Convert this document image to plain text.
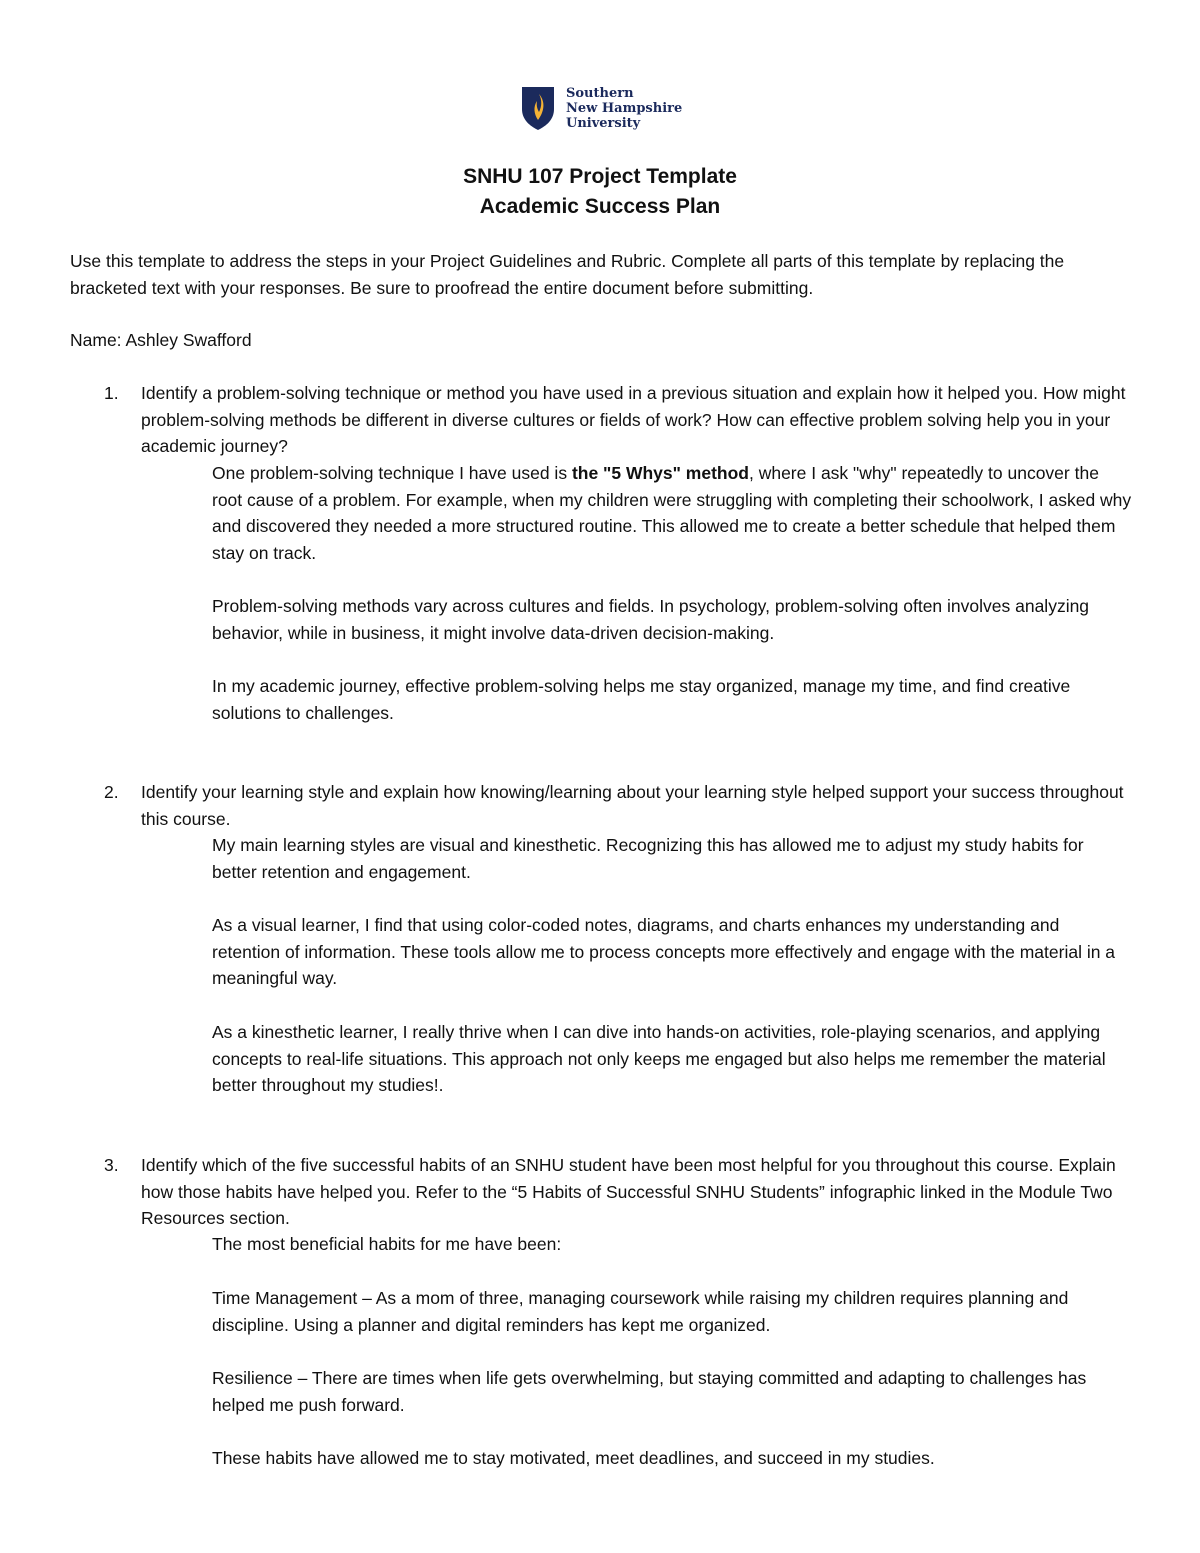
Southern
New Hampshire
University
SNHU 107 Project Template
Academic Success Plan

Use this template to address the steps in your Project Guidelines and Rubric. Complete all parts of this template by replacing the bracketed text with your responses. Be sure to proofread the entire document before submitting.

Name: Ashley Swafford

1. Identify a problem-solving technique or method you have used in a previous situation and explain how it helped you. How might problem-solving methods be different in diverse cultures or fields of work? How can effective problem solving help you in your academic journey?

One problem-solving technique I have used is the "5 Whys" method, where I ask "why" repeatedly to uncover the root cause of a problem. For example, when my children were struggling with completing their schoolwork, I asked why and discovered they needed a more structured routine. This allowed me to create a better schedule that helped them stay on track.

Problem-solving methods vary across cultures and fields. In psychology, problem-solving often involves analyzing behavior, while in business, it might involve data-driven decision-making.

In my academic journey, effective problem-solving helps me stay organized, manage my time, and find creative solutions to challenges.

2. Identify your learning style and explain how knowing/learning about your learning style helped support your success throughout this course.

My main learning styles are visual and kinesthetic. Recognizing this has allowed me to adjust my study habits for better retention and engagement.

As a visual learner, I find that using color-coded notes, diagrams, and charts enhances my understanding and retention of information. These tools allow me to process concepts more effectively and engage with the material in a meaningful way.

As a kinesthetic learner, I really thrive when I can dive into hands-on activities, role-playing scenarios, and applying concepts to real-life situations. This approach not only keeps me engaged but also helps me remember the material better throughout my studies!.

3. Identify which of the five successful habits of an SNHU student have been most helpful for you throughout this course. Explain how those habits have helped you. Refer to the “5 Habits of Successful SNHU Students” infographic linked in the Module Two Resources section.

The most beneficial habits for me have been:

Time Management – As a mom of three, managing coursework while raising my children requires planning and discipline. Using a planner and digital reminders has kept me organized.

Resilience – There are times when life gets overwhelming, but staying committed and adapting to challenges has helped me push forward.

These habits have allowed me to stay motivated, meet deadlines, and succeed in my studies.
